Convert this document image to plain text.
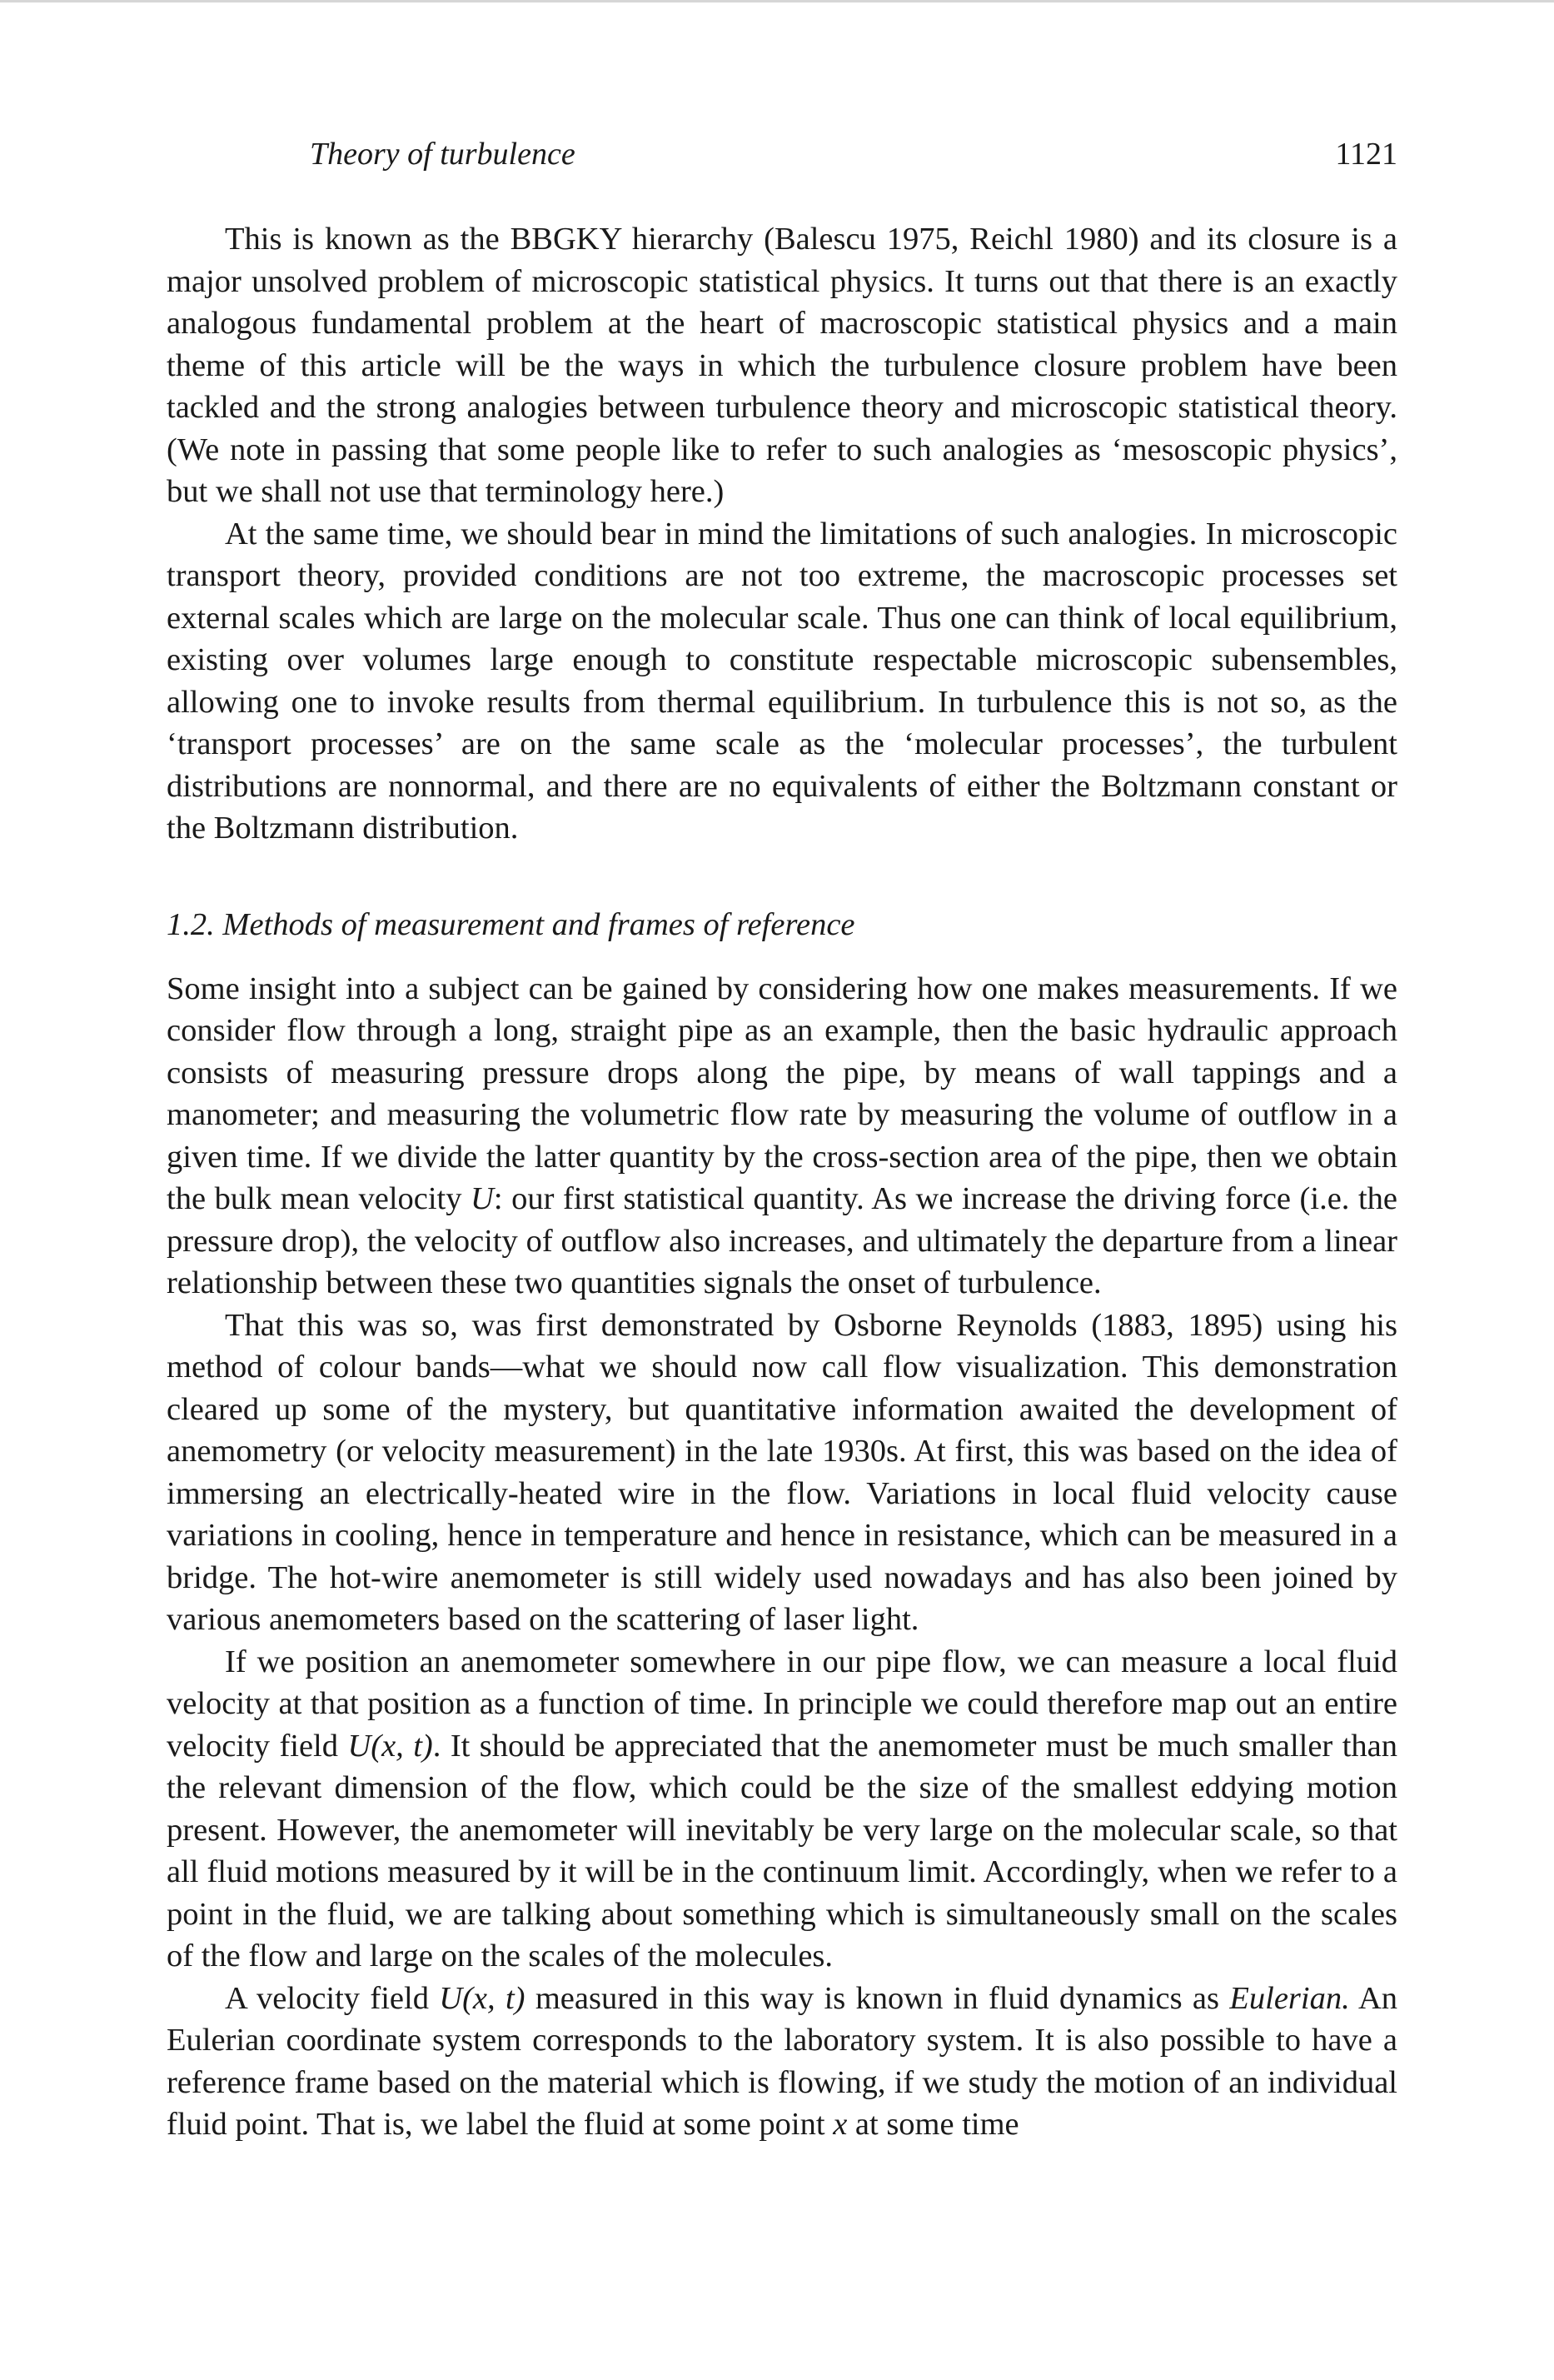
Theory of turbulence	1121

This is known as the BBGKY hierarchy (Balescu 1975, Reichl 1980) and its closure is a major unsolved problem of microscopic statistical physics. It turns out that there is an exactly analogous fundamental problem at the heart of macroscopic statistical physics and a main theme of this article will be the ways in which the turbulence closure problem have been tackled and the strong analogies between turbulence theory and microscopic statistical theory. (We note in passing that some people like to refer to such analogies as ‘mesoscopic physics’, but we shall not use that terminology here.)

At the same time, we should bear in mind the limitations of such analogies. In microscopic transport theory, provided conditions are not too extreme, the macroscopic processes set external scales which are large on the molecular scale. Thus one can think of local equilibrium, existing over volumes large enough to constitute respectable microscopic subensembles, allowing one to invoke results from thermal equilibrium. In turbulence this is not so, as the ‘transport processes’ are on the same scale as the ‘molecular processes’, the turbulent distributions are nonnormal, and there are no equivalents of either the Boltzmann constant or the Boltzmann distribution.

1.2. Methods of measurement and frames of reference

Some insight into a subject can be gained by considering how one makes measurements. If we consider flow through a long, straight pipe as an example, then the basic hydraulic approach consists of measuring pressure drops along the pipe, by means of wall tappings and a manometer; and measuring the volumetric flow rate by measuring the volume of outflow in a given time. If we divide the latter quantity by the cross-section area of the pipe, then we obtain the bulk mean velocity U: our first statistical quantity. As we increase the driving force (i.e. the pressure drop), the velocity of outflow also increases, and ultimately the departure from a linear relationship between these two quantities signals the onset of turbulence.

That this was so, was first demonstrated by Osborne Reynolds (1883, 1895) using his method of colour bands—what we should now call flow visualization. This demonstration cleared up some of the mystery, but quantitative information awaited the development of anemometry (or velocity measurement) in the late 1930s. At first, this was based on the idea of immersing an electrically-heated wire in the flow. Variations in local fluid velocity cause variations in cooling, hence in temperature and hence in resistance, which can be measured in a bridge. The hot-wire anemometer is still widely used nowadays and has also been joined by various anemometers based on the scattering of laser light.

If we position an anemometer somewhere in our pipe flow, we can measure a local fluid velocity at that position as a function of time. In principle we could therefore map out an entire velocity field U(x, t). It should be appreciated that the anemometer must be much smaller than the relevant dimension of the flow, which could be the size of the smallest eddying motion present. However, the anemometer will inevitably be very large on the molecular scale, so that all fluid motions measured by it will be in the continuum limit. Accordingly, when we refer to a point in the fluid, we are talking about something which is simultaneously small on the scales of the flow and large on the scales of the molecules.

A velocity field U(x, t) measured in this way is known in fluid dynamics as Eulerian. An Eulerian coordinate system corresponds to the laboratory system. It is also possible to have a reference frame based on the material which is flowing, if we study the motion of an individual fluid point. That is, we label the fluid at some point x at some time
